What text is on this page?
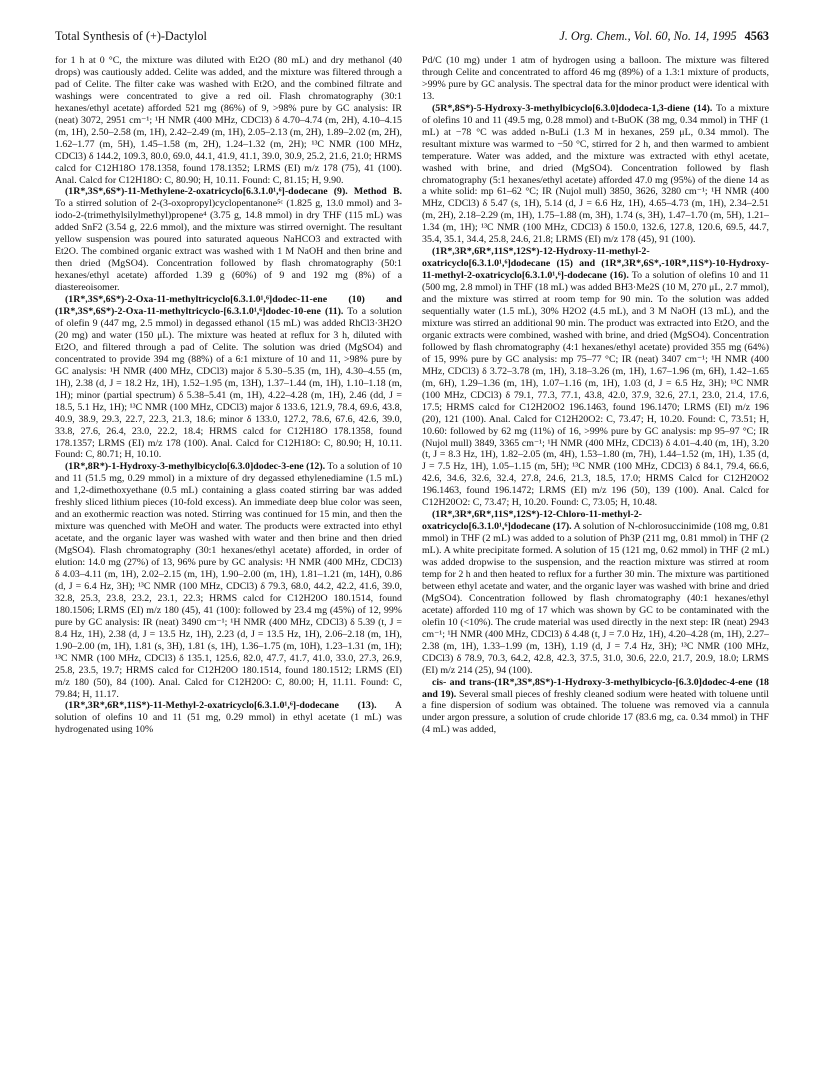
Total Synthesis of (+)-Dactylol	J. Org. Chem., Vol. 60, No. 14, 1995 4563

for 1 h at 0 °C, the mixture was diluted with Et2O (80 mL) and dry methanol (40 drops) was cautiously added. Celite was added, and the mixture was filtered through a pad of Celite. The filter cake was washed with Et2O, and the combined filtrate and washings were concentrated to give a red oil. Flash chromatography (30:1 hexanes/ethyl acetate) afforded 521 mg (86%) of 9, >98% pure by GC analysis: IR (neat) 3072, 2951 cm⁻¹; ¹H NMR (400 MHz, CDCl3) δ 4.70–4.74 (m, 2H), 4.10–4.15 (m, 1H), 2.50–2.58 (m, 1H), 2.42–2.49 (m, 1H), 2.05–2.13 (m, 2H), 1.89–2.02 (m, 2H), 1.62–1.77 (m, 5H), 1.45–1.58 (m, 2H), 1.24–1.32 (m, 2H); ¹³C NMR (100 MHz, CDCl3) δ 144.2, 109.3, 80.0, 69.0, 44.1, 41.9, 41.1, 39.0, 30.9, 25.2, 21.6, 21.0; HRMS calcd for C12H18O 178.1358, found 178.1352; LRMS (EI) m/z 178 (75), 41 (100). Anal. Calcd for C12H18O: C, 80.90; H, 10.11. Found: C, 81.15; H, 9.90.

(1R*,3S*,6S*)-11-Methylene-2-oxatricyclo[6.3.1.0¹,⁶]-dodecane (9). Method B. To a stirred solution of 2-(3-oxopropyl)cyclopentanone⁵ᶜ (1.825 g, 13.0 mmol) and 3-iodo-2-(trimethylsilylmethyl)propene⁴ (3.75 g, 14.8 mmol) in dry THF (115 mL) was added SnF2 (3.54 g, 22.6 mmol), and the mixture was stirred overnight. The resultant yellow suspension was poured into saturated aqueous NaHCO3 and extracted with Et2O. The combined organic extract was washed with 1 M NaOH and then brine and then dried (MgSO4). Concentration followed by flash chromatography (50:1 hexanes/ethyl acetate) afforded 1.39 g (60%) of 9 and 192 mg (8%) of a diastereoisomer.

(1R*,3S*,6S*)-2-Oxa-11-methyltricyclo[6.3.1.0¹,⁶]dodec-11-ene (10) and (1R*,3S*,6S*)-2-Oxa-11-methyltricyclo-[6.3.1.0¹,⁶]dodec-10-ene (11). To a solution of olefin 9 (447 mg, 2.5 mmol) in degassed ethanol (15 mL) was added RhCl3·3H2O (20 mg) and water (150 μL). The mixture was heated at reflux for 3 h, diluted with Et2O, and filtered through a pad of Celite. The solution was dried (MgSO4) and concentrated to provide 394 mg (88%) of a 6:1 mixture of 10 and 11, >98% pure by GC analysis: ¹H NMR (400 MHz, CDCl3) major δ 5.30–5.35 (m, 1H), 4.30–4.55 (m, 1H), 2.38 (d, J = 18.2 Hz, 1H), 1.52–1.95 (m, 13H), 1.37–1.44 (m, 1H), 1.10–1.18 (m, 1H); minor (partial spectrum) δ 5.38–5.41 (m, 1H), 4.22–4.28 (m, 1H), 2.46 (dd, J = 18.5, 5.1 Hz, 1H); ¹³C NMR (100 MHz, CDCl3) major δ 133.6, 121.9, 78.4, 69.6, 43.8, 40.9, 38.9, 29.3, 22.7, 22.3, 21.3, 18.6; minor δ 133.0, 127.2, 78.6, 67.6, 42.6, 39.0, 33.8, 27.6, 26.4, 23.0, 22.2, 18.4; HRMS calcd for C12H18O 178.1358, found 178.1357; LRMS (EI) m/z 178 (100). Anal. Calcd for C12H18O: C, 80.90; H, 10.11. Found: C, 80.71; H, 10.10.

(1R*,8R*)-1-Hydroxy-3-methylbicyclo[6.3.0]dodec-3-ene (12). To a solution of 10 and 11 (51.5 mg, 0.29 mmol) in a mixture of dry degassed ethylenediamine (1.5 mL) and 1,2-dimethoxyethane (0.5 mL) containing a glass coated stirring bar was added freshly sliced lithium pieces (10-fold excess). An immediate deep blue color was seen, and an exothermic reaction was noted. Stirring was continued for 15 min, and then the mixture was quenched with MeOH and water. The products were extracted into ethyl acetate, and the organic layer was washed with water and then brine and then dried (MgSO4). Flash chromatography (30:1 hexanes/ethyl acetate) afforded, in order of elution: 14.0 mg (27%) of 13, 96% pure by GC analysis: ¹H NMR (400 MHz, CDCl3) δ 4.03–4.11 (m, 1H), 2.02–2.15 (m, 1H), 1.90–2.00 (m, 1H), 1.81–1.21 (m, 14H), 0.86 (d, J = 6.4 Hz, 3H); ¹³C NMR (100 MHz, CDCl3) δ 79.3, 68.0, 44.2, 42.2, 41.6, 39.0, 32.8, 25.3, 23.8, 23.2, 23.1, 22.3; HRMS calcd for C12H20O 180.1514, found 180.1506; LRMS (EI) m/z 180 (45), 41 (100): followed by 23.4 mg (45%) of 12, 99% pure by GC analysis: IR (neat) 3490 cm⁻¹; ¹H NMR (400 MHz, CDCl3) δ 5.39 (t, J = 8.4 Hz, 1H), 2.38 (d, J = 13.5 Hz, 1H), 2.23 (d, J = 13.5 Hz, 1H), 2.06–2.18 (m, 1H), 1.90–2.00 (m, 1H), 1.81 (s, 3H), 1.81 (s, 1H), 1.36–1.75 (m, 10H), 1.23–1.31 (m, 1H); ¹³C NMR (100 MHz, CDCl3) δ 135.1, 125.6, 82.0, 47.7, 41.7, 41.0, 33.0, 27.3, 26.9, 25.8, 23.5, 19.7; HRMS calcd for C12H20O 180.1514, found 180.1512; LRMS (EI) m/z 180 (50), 84 (100). Anal. Calcd for C12H20O: C, 80.00; H, 11.11. Found: C, 79.84; H, 11.17.

(1R*,3R*,6R*,11S*)-11-Methyl-2-oxatricyclo[6.3.1.0¹,⁶]-dodecane (13). A solution of olefins 10 and 11 (51 mg, 0.29 mmol) in ethyl acetate (1 mL) was hydrogenated using 10%

Pd/C (10 mg) under 1 atm of hydrogen using a balloon. The mixture was filtered through Celite and concentrated to afford 46 mg (89%) of a 1.3:1 mixture of products, >99% pure by GC analysis. The spectral data for the minor product were identical with 13.

(5R*,8S*)-5-Hydroxy-3-methylbicyclo[6.3.0]dodeca-1,3-diene (14). To a mixture of olefins 10 and 11 (49.5 mg, 0.28 mmol) and t-BuOK (38 mg, 0.34 mmol) in THF (1 mL) at −78 °C was added n-BuLi (1.3 M in hexanes, 259 μL, 0.34 mmol). The resultant mixture was warmed to −50 °C, stirred for 2 h, and then warmed to ambient temperature. Water was added, and the mixture was extracted with ethyl acetate, washed with brine, and dried (MgSO4). Concentration followed by flash chromatography (5:1 hexanes/ethyl acetate) afforded 47.0 mg (95%) of the diene 14 as a white solid: mp 61–62 °C; IR (Nujol mull) 3850, 3626, 3280 cm⁻¹; ¹H NMR (400 MHz, CDCl3) δ 5.47 (s, 1H), 5.14 (d, J = 6.6 Hz, 1H), 4.65–4.73 (m, 1H), 2.34–2.51 (m, 2H), 2.18–2.29 (m, 1H), 1.75–1.88 (m, 3H), 1.74 (s, 3H), 1.47–1.70 (m, 5H), 1.21–1.34 (m, 1H); ¹³C NMR (100 MHz, CDCl3) δ 150.0, 132.6, 127.8, 120.6, 69.5, 44.7, 35.4, 35.1, 34.4, 25.8, 24.6, 21.8; LRMS (EI) m/z 178 (45), 91 (100).

(1R*,3R*,6R*,11S*,12S*)-12-Hydroxy-11-methyl-2-oxatricyclo[6.3.1.0¹,⁶]dodecane (15) and (1R*,3R*,6S*,-10R*,11S*)-10-Hydroxy-11-methyl-2-oxatricyclo[6.3.1.0¹,⁶]-dodecane (16). To a solution of olefins 10 and 11 (500 mg, 2.8 mmol) in THF (18 mL) was added BH3·Me2S (10 M, 270 μL, 2.7 mmol), and the mixture was stirred at room temp for 90 min. To the solution was added sequentially water (1.5 mL), 30% H2O2 (4.5 mL), and 3 M NaOH (13 mL), and the mixture was stirred an additional 90 min. The product was extracted into Et2O, and the organic extracts were combined, washed with brine, and dried (MgSO4). Concentration followed by flash chromatography (4:1 hexanes/ethyl acetate) provided 355 mg (64%) of 15, 99% pure by GC analysis: mp 75–77 °C; IR (neat) 3407 cm⁻¹; ¹H NMR (400 MHz, CDCl3) δ 3.72–3.78 (m, 1H), 3.18–3.26 (m, 1H), 1.67–1.96 (m, 6H), 1.42–1.65 (m, 6H), 1.29–1.36 (m, 1H), 1.07–1.16 (m, 1H), 1.03 (d, J = 6.5 Hz, 3H); ¹³C NMR (100 MHz, CDCl3) δ 79.1, 77.3, 77.1, 43.8, 42.0, 37.9, 32.6, 27.1, 23.0, 21.4, 17.6, 17.5; HRMS calcd for C12H20O2 196.1463, found 196.1470; LRMS (EI) m/z 196 (20), 121 (100). Anal. Calcd for C12H20O2: C, 73.47; H, 10.20. Found: C, 73.51; H, 10.60: followed by 62 mg (11%) of 16, >99% pure by GC analysis: mp 95–97 °C; IR (Nujol mull) 3849, 3365 cm⁻¹; ¹H NMR (400 MHz, CDCl3) δ 4.01–4.40 (m, 1H), 3.20 (t, J = 8.3 Hz, 1H), 1.82–2.05 (m, 4H), 1.53–1.80 (m, 7H), 1.44–1.52 (m, 1H), 1.35 (d, J = 7.5 Hz, 1H), 1.05–1.15 (m, 5H); ¹³C NMR (100 MHz, CDCl3) δ 84.1, 79.4, 66.6, 42.6, 34.6, 32.6, 32.4, 27.8, 24.6, 21.3, 18.5, 17.0; HRMS Calcd for C12H20O2 196.1463, found 196.1472; LRMS (EI) m/z 196 (50), 139 (100). Anal. Calcd for C12H20O2: C, 73.47; H, 10.20. Found: C, 73.05; H, 10.48.

(1R*,3R*,6R*,11S*,12S*)-12-Chloro-11-methyl-2-oxatricyclo[6.3.1.0¹,⁶]dodecane (17). A solution of N-chlorosuccinimide (108 mg, 0.81 mmol) in THF (2 mL) was added to a solution of Ph3P (211 mg, 0.81 mmol) in THF (2 mL). A white precipitate formed. A solution of 15 (121 mg, 0.62 mmol) in THF (2 mL) was added dropwise to the suspension, and the reaction mixture was stirred at room temp for 2 h and then heated to reflux for a further 30 min. The mixture was partitioned between ethyl acetate and water, and the organic layer was washed with brine and dried (MgSO4). Concentration followed by flash chromatography (40:1 hexanes/ethyl acetate) afforded 110 mg of 17 which was shown by GC to be contaminated with the olefin 10 (<10%). The crude material was used directly in the next step: IR (neat) 2943 cm⁻¹; ¹H NMR (400 MHz, CDCl3) δ 4.48 (t, J = 7.0 Hz, 1H), 4.20–4.28 (m, 1H), 2.27–2.38 (m, 1H), 1.33–1.99 (m, 13H), 1.19 (d, J = 7.4 Hz, 3H); ¹³C NMR (100 MHz, CDCl3) δ 78.9, 70.3, 64.2, 42.8, 42.3, 37.5, 31.0, 30.6, 22.0, 21.7, 20.9, 18.0; LRMS (EI) m/z 214 (25), 94 (100).

cis- and trans-(1R*,3S*,8S*)-1-Hydroxy-3-methylbicyclo-[6.3.0]dodec-4-ene (18 and 19). Several small pieces of freshly cleaned sodium were heated with toluene until a fine dispersion of sodium was obtained. The toluene was removed via a cannula under argon pressure, a solution of crude chloride 17 (83.6 mg, ca. 0.34 mmol) in THF (4 mL) was added,
